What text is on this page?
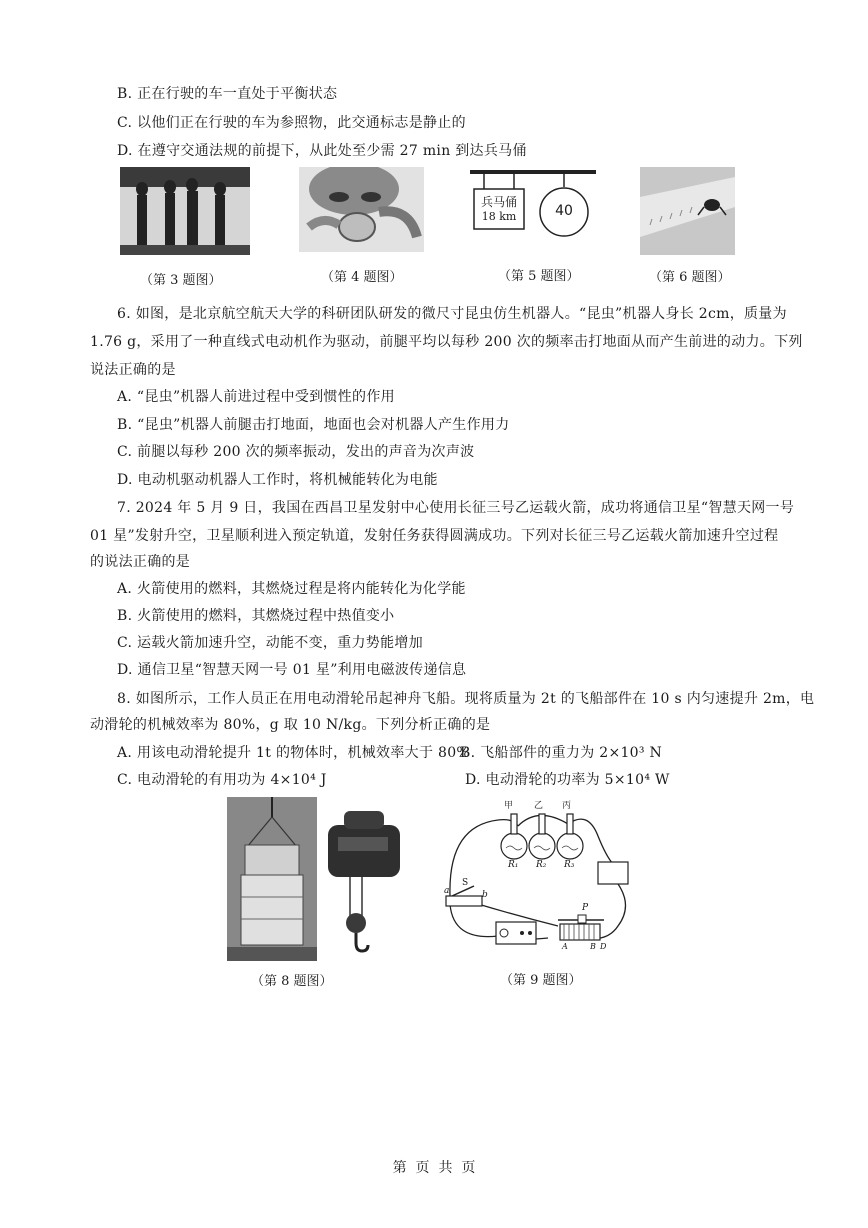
B. 正在行驶的车一直处于平衡状态
C. 以他们正在行驶的车为参照物，此交通标志是静止的
D. 在遵守交通法规的前提下，从此处至少需 27 min 到达兵马俑
（第 3 题图）	（第 4 题图）
兵马俑
18 km	40
（第 5 题图）	（第 6 题图）
6. 如图，是北京航空航天大学的科研团队研发的微尺寸昆虫仿生机器人。“昆虫”机器人身长 2cm，质量为
1.76 g，采用了一种直线式电动机作为驱动，前腿平均以每秒 200 次的频率击打地面从而产生前进的动力。下列
说法正确的是
A. “昆虫”机器人前进过程中受到惯性的作用
B. “昆虫”机器人前腿击打地面，地面也会对机器人产生作用力
C. 前腿以每秒 200 次的频率振动，发出的声音为次声波
D. 电动机驱动机器人工作时，将机械能转化为电能
7. 2024 年 5 月 9 日，我国在西昌卫星发射中心使用长征三号乙运载火箭，成功将通信卫星“智慧天网一号
01 星”发射升空，卫星顺利进入预定轨道，发射任务获得圆满成功。下列对长征三号乙运载火箭加速升空过程
的说法正确的是
A. 火箭使用的燃料，其燃烧过程是将内能转化为化学能
B. 火箭使用的燃料，其燃烧过程中热值变小
C. 运载火箭加速升空，动能不变，重力势能增加
D. 通信卫星“智慧天网一号 01 星”利用电磁波传递信息
8. 如图所示，工作人员正在用电动滑轮吊起神舟飞船。现将质量为 2t 的飞船部件在 10 s 内匀速提升 2m，电
动滑轮的机械效率为 80%，g 取 10 N/kg。下列分析正确的是
A. 用该电动滑轮提升 1t 的物体时，机械效率大于 80%
B. 飞船部件的重力为 2×10³ N
C. 电动滑轮的有用功为 4×10⁴ J	D. 电动滑轮的功率为 5×10⁴ W
（第 8 题图）
甲 乙 丙
R₁ R₂ R₃
S
a	b
P
A	B D
（第 9 题图）
第  页  共  页
